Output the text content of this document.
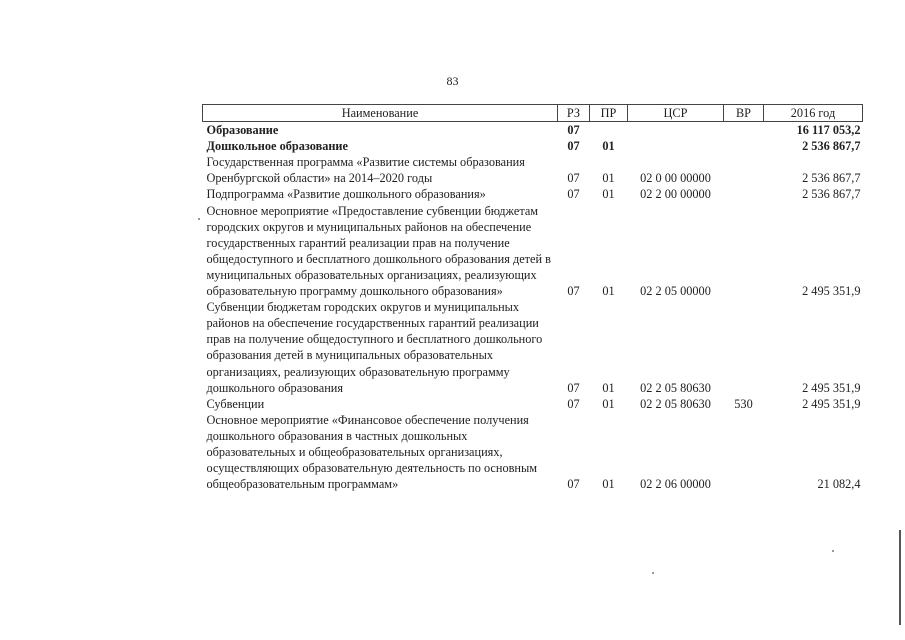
83
Наименование	РЗ	ПР	ЦСР	ВР	2016 год
Образование	07				16 117 053,2
Дошкольное образование	07	01			2 536 867,7
Государственная программа «Развитие системы образования Оренбургской области» на 2014–2020 годы	07	01	02 0 00 00000		2 536 867,7
Подпрограмма «Развитие дошкольного образования»	07	01	02 2 00 00000		2 536 867,7
Основное мероприятие «Предоставление субвенции бюджетам городских округов и муниципальных районов на обеспечение государственных гарантий реализации прав на получение общедоступного и бесплатного дошкольного образования детей в муниципальных образовательных организациях, реализующих образовательную программу дошкольного образования»	07	01	02 2 05 00000		2 495 351,9
Субвенции бюджетам городских округов и муниципальных районов на обеспечение государственных гарантий реализации прав на получение общедоступного и бесплатного дошкольного образования детей в муниципальных образовательных организациях, реализующих образовательную программу дошкольного образования	07	01	02 2 05 80630		2 495 351,9
Субвенции	07	01	02 2 05 80630	530	2 495 351,9
Основное мероприятие «Финансовое обеспечение получения дошкольного образования в частных дошкольных образовательных и общеобразовательных организациях, осуществляющих образовательную деятельность по основным общеобразовательным программам»	07	01	02 2 06 00000		21 082,4
